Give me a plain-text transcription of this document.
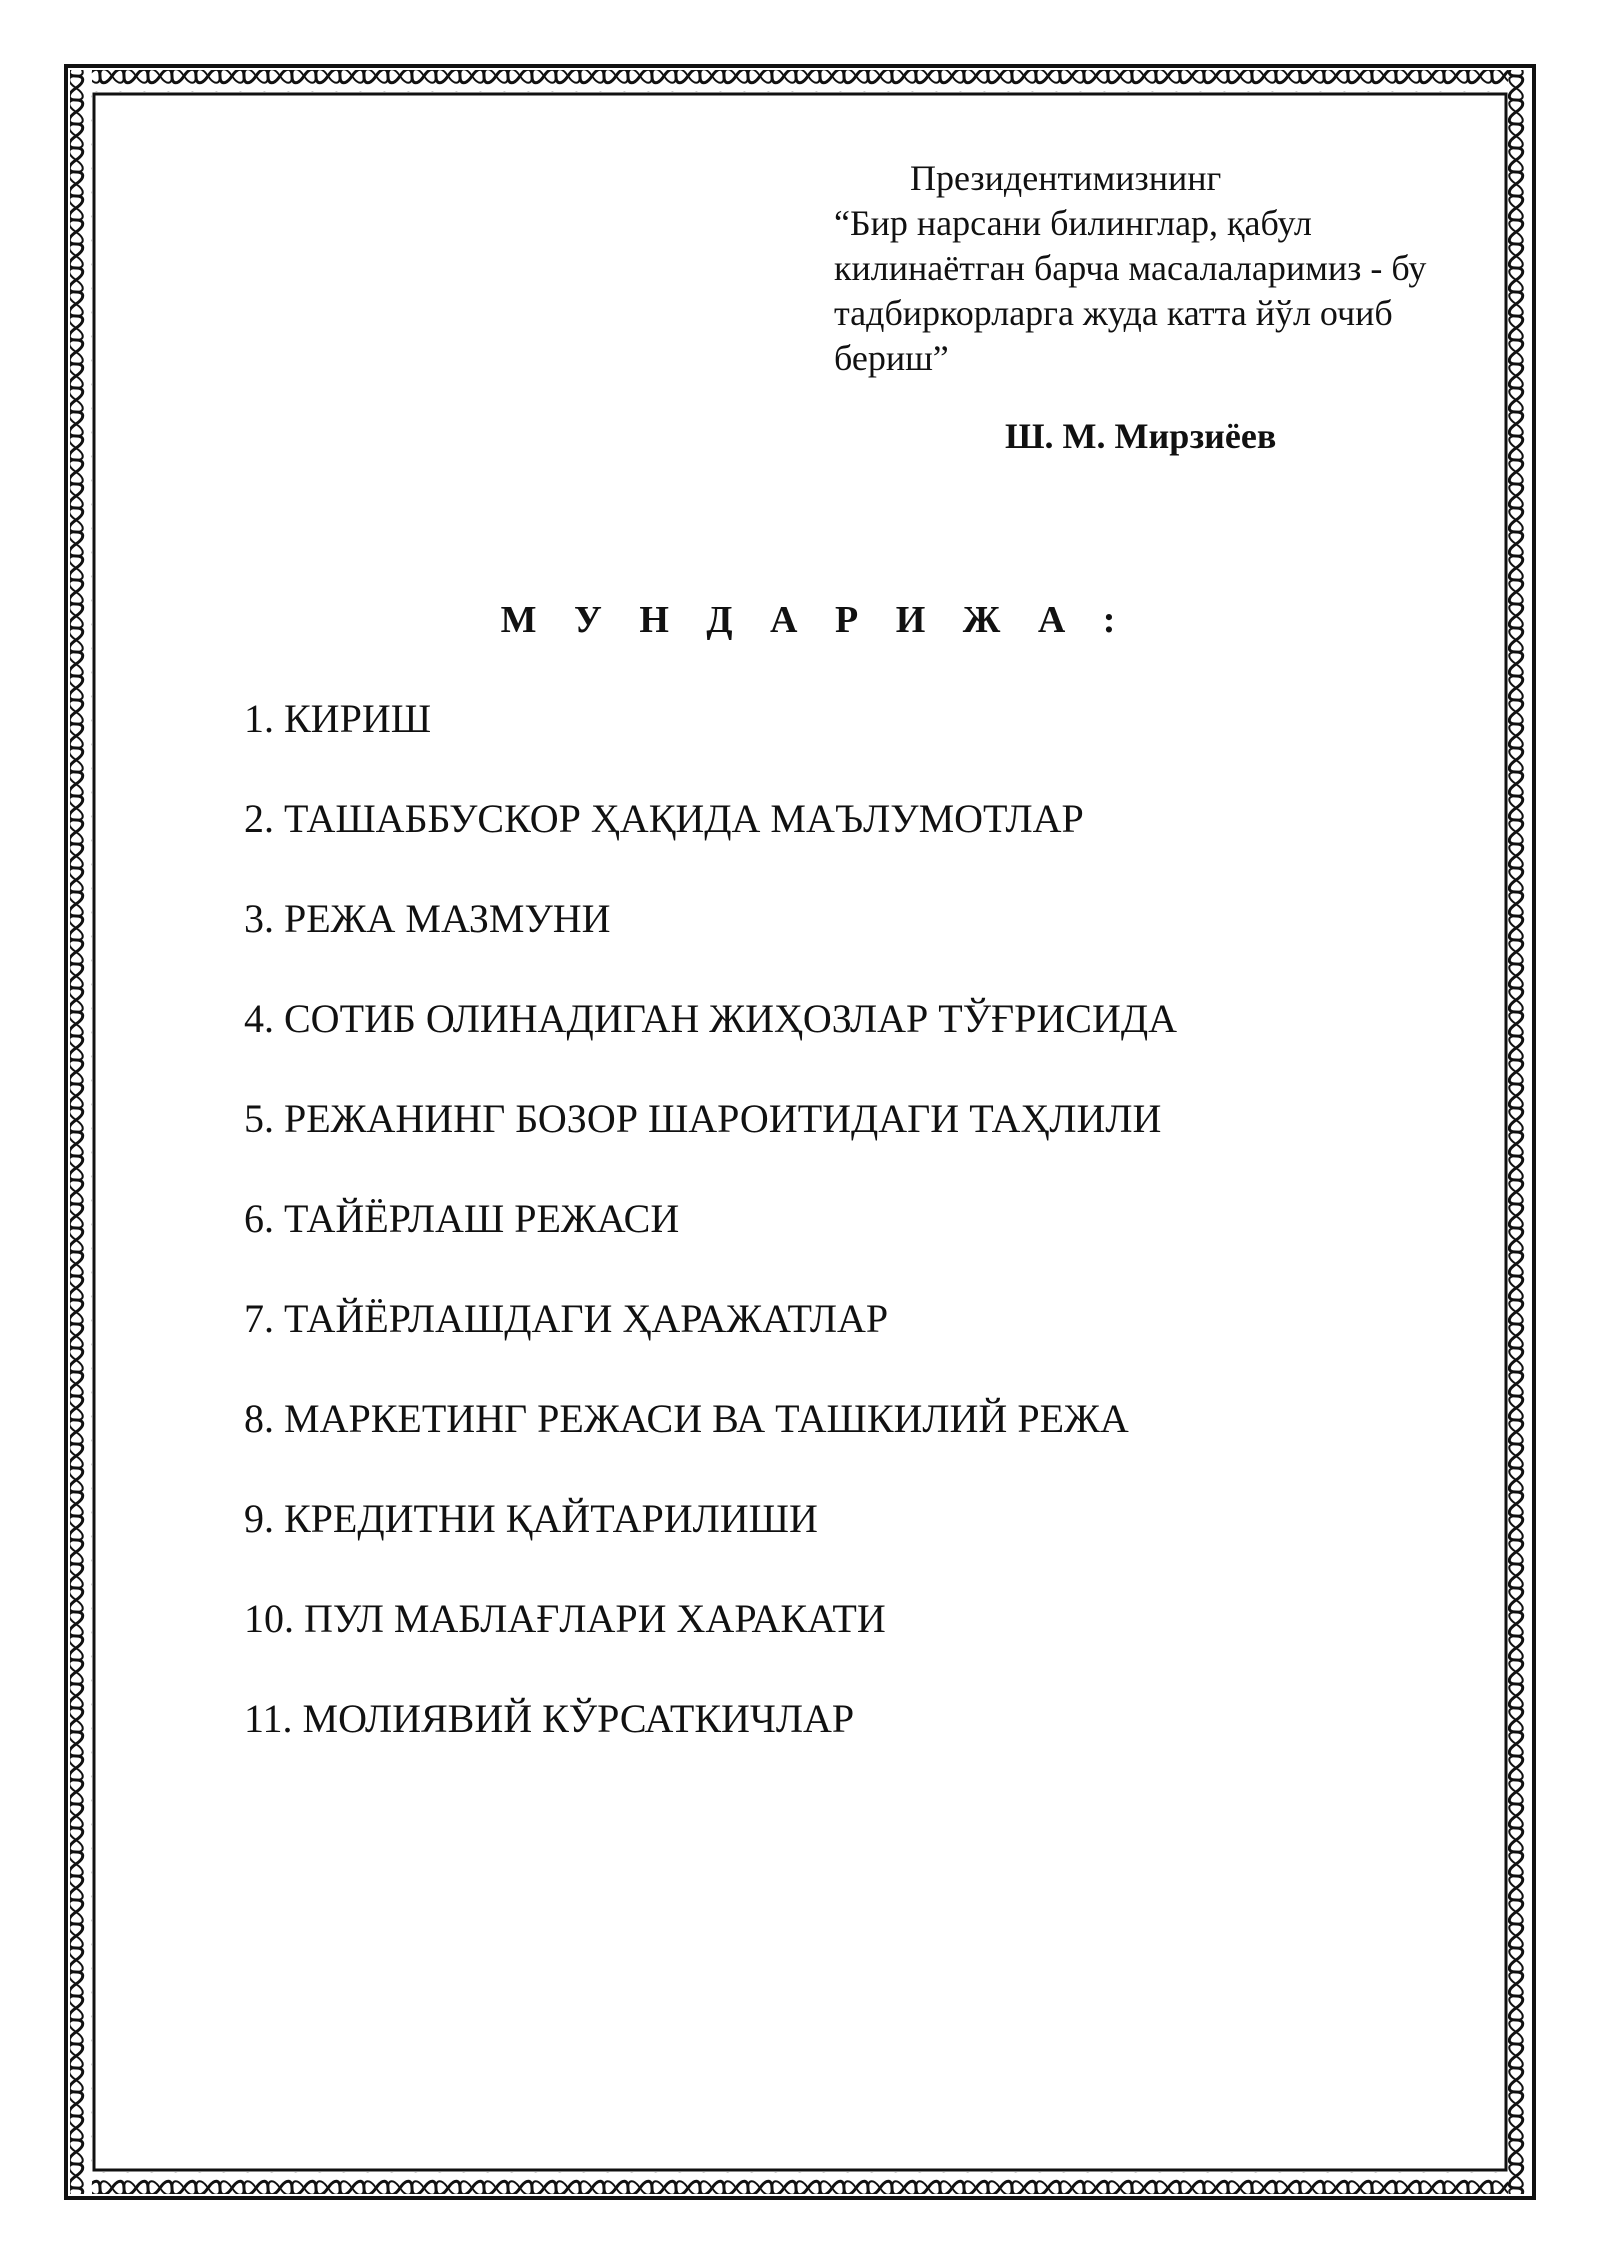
Президентимизнинг
“Бир нарсани билинглар, қабул килинаётган барча масалаларимиз - бу тадбиркорларга жуда катта йўл очиб бериш”
Ш. М. Мирзиёев
М У Н Д А Р И Ж А :
1. КИРИШ
2. ТАШАББУСКОР ҲАҚИДА МАЪЛУМОТЛАР
3. РЕЖА МАЗМУНИ
4. СОТИБ ОЛИНАДИГАН ЖИҲОЗЛАР ТЎҒРИСИДА
5. РЕЖАНИНГ БОЗОР ШАРОИТИДАГИ ТАҲЛИЛИ
6. ТАЙЁРЛАШ РЕЖАСИ
7. ТАЙЁРЛАШДАГИ ҲАРАЖАТЛАР
8. МАРКЕТИНГ РЕЖАСИ ВА ТАШКИЛИЙ РЕЖА
9. КРЕДИТНИ ҚАЙТАРИЛИШИ
10. ПУЛ МАБЛАҒЛАРИ ХАРАКАТИ
11. МОЛИЯВИЙ КЎРСАТКИЧЛАР
